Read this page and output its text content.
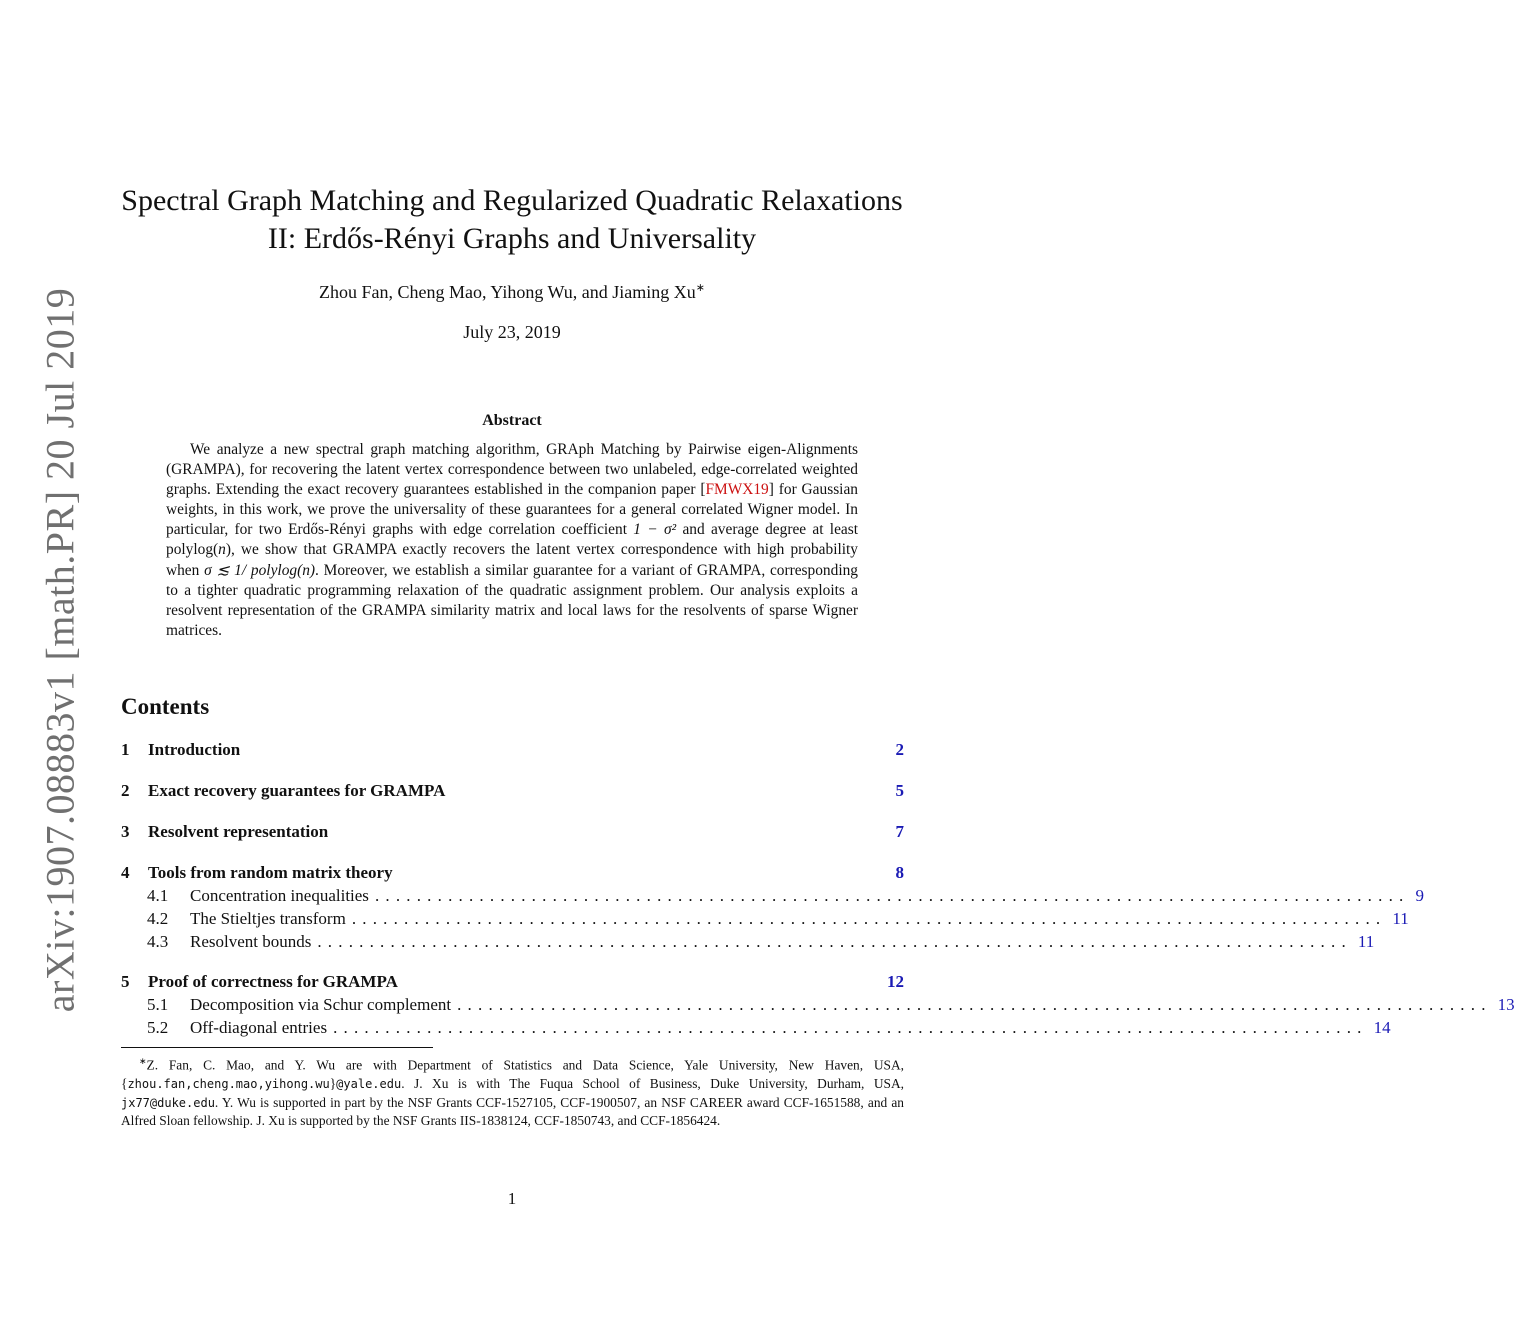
arXiv:1907.08883v1 [math.PR] 20 Jul 2019
Spectral Graph Matching and Regularized Quadratic Relaxations
II: Erdős-Rényi Graphs and Universality
Zhou Fan, Cheng Mao, Yihong Wu, and Jiaming Xu∗
July 23, 2019
Abstract
We analyze a new spectral graph matching algorithm, GRAph Matching by Pairwise eigen-Alignments (GRAMPA), for recovering the latent vertex correspondence between two unlabeled, edge-correlated weighted graphs. Extending the exact recovery guarantees established in the companion paper [FMWX19] for Gaussian weights, in this work, we prove the universality of these guarantees for a general correlated Wigner model. In particular, for two Erdős-Rényi graphs with edge correlation coefficient 1 − σ² and average degree at least polylog(n), we show that GRAMPA exactly recovers the latent vertex correspondence with high probability when σ ≲ 1/ polylog(n). Moreover, we establish a similar guarantee for a variant of GRAMPA, corresponding to a tighter quadratic programming relaxation of the quadratic assignment problem. Our analysis exploits a resolvent representation of the GRAMPA similarity matrix and local laws for the resolvents of sparse Wigner matrices.
Contents
1 Introduction	2
2 Exact recovery guarantees for GRAMPA	5
3 Resolvent representation	7
4 Tools from random matrix theory	8
4.1	Concentration inequalities ................................................................................................... 9
4.2	The Stieltjes transform ................................................................................................... 11
4.3	Resolvent bounds ................................................................................................... 11
5 Proof of correctness for GRAMPA	12
5.1	Decomposition via Schur complement ................................................................................................... 13
5.2	Off-diagonal entries ................................................................................................... 14
∗Z. Fan, C. Mao, and Y. Wu are with Department of Statistics and Data Science, Yale University, New Haven, USA, {zhou.fan,cheng.mao,yihong.wu}@yale.edu. J. Xu is with The Fuqua School of Business, Duke University, Durham, USA, jx77@duke.edu. Y. Wu is supported in part by the NSF Grants CCF-1527105, CCF-1900507, an NSF CAREER award CCF-1651588, and an Alfred Sloan fellowship. J. Xu is supported by the NSF Grants IIS-1838124, CCF-1850743, and CCF-1856424.
1
